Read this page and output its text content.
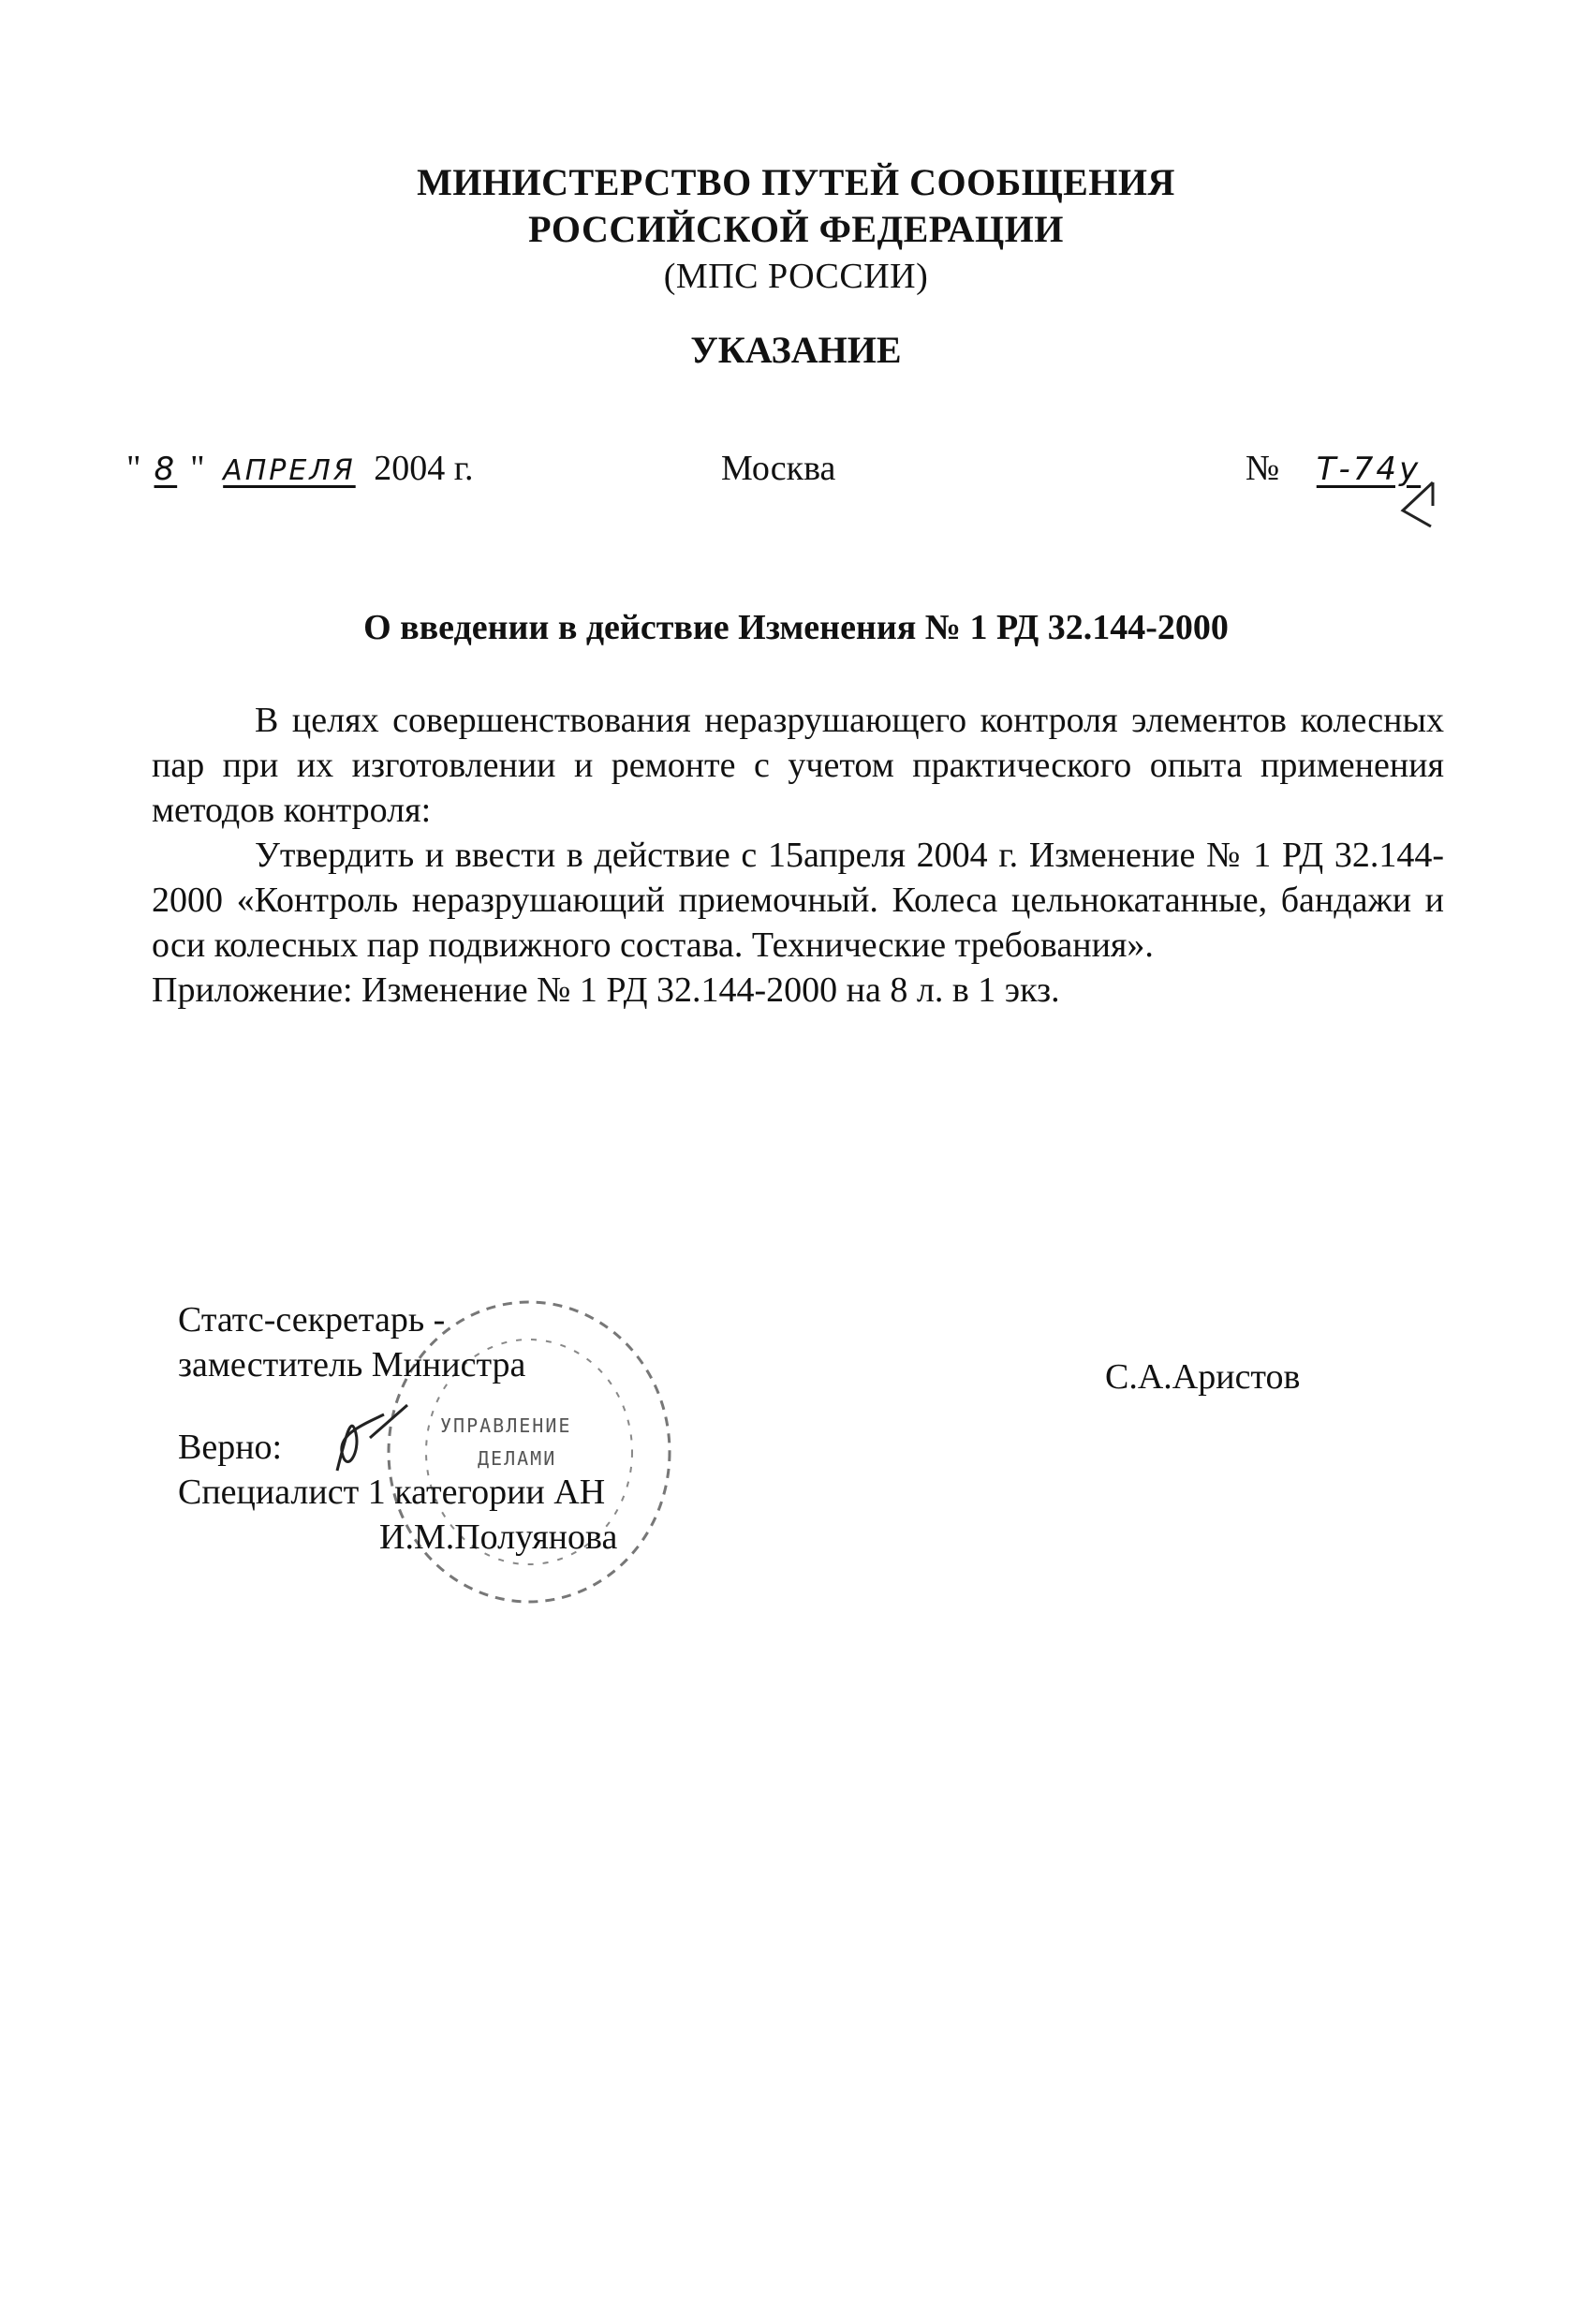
МИНИСТЕРСТВО ПУТЕЙ СООБЩЕНИЯ
РОССИЙСКОЙ ФЕДЕРАЦИИ
(МПС РОССИИ)
УКАЗАНИЕ
" 8 " АПРЕЛЯ 2004 г.	Москва	№ Т-74у
О введении в действие Изменения № 1 РД 32.144-2000

В целях совершенствования неразрушающего контроля элементов колесных пар при их изготовлении и ремонте с учетом практического опыта применения методов контроля:

Утвердить и ввести в действие с 15апреля 2004 г. Изменение № 1 РД 32.144-2000 «Контроль неразрушающий приемочный. Колеса цельнокатанные, бандажи и оси колесных пар подвижного состава. Технические требования».

Приложение: Изменение № 1 РД 32.144-2000 на 8 л. в 1 экз.

УПРАВЛЕНИЕ
ДЕЛАМИ
Статс-секретарь -
заместитель Министра
Верно:
Специалист 1 категории АН
И.М.Полуянова
С.А.Аристов
